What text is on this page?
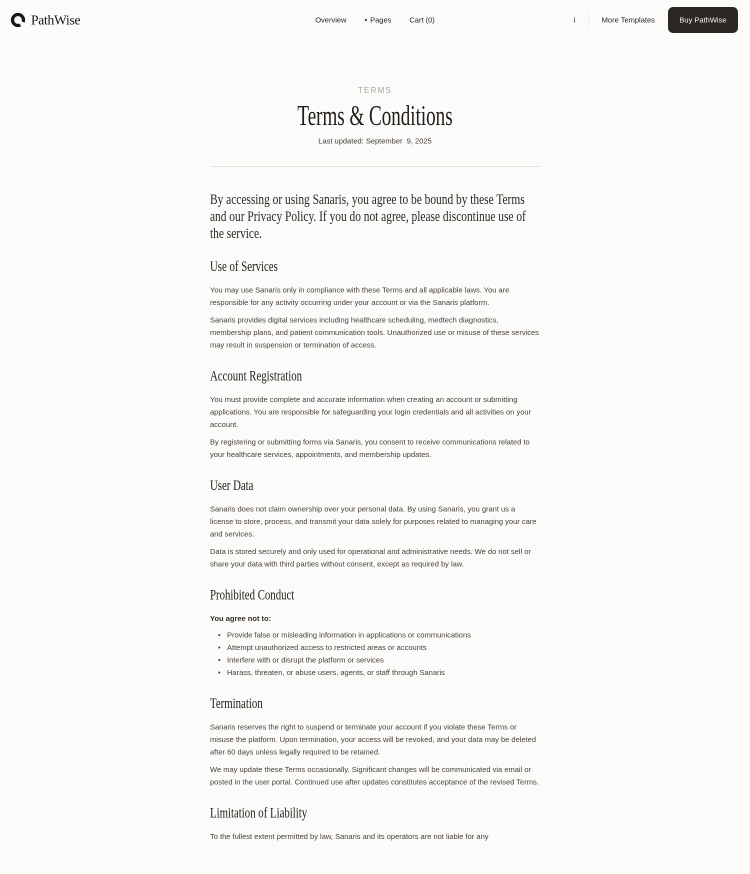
PathWise	Overview • Pages Cart (0)	i More Templates	Buy PathWise
TERMS
Terms & Conditions
Last updated: September  9, 2025

By accessing or using Sanaris, you agree to be bound by these Terms and our Privacy Policy. If you do not agree, please discontinue use of the service.

Use of Services

You may use Sanaris only in compliance with these Terms and all applicable laws. You are responsible for any activity occurring under your account or via the Sanaris platform.

Sanaris provides digital services including healthcare scheduling, medtech diagnostics, membership plans, and patient communication tools. Unauthorized use or misuse of these services may result in suspension or termination of access.

Account Registration

You must provide complete and accurate information when creating an account or submitting applications. You are responsible for safeguarding your login credentials and all activities on your account.

By registering or submitting forms via Sanaris, you consent to receive communications related to your healthcare services, appointments, and membership updates.

User Data

Sanaris does not claim ownership over your personal data. By using Sanaris, you grant us a license to store, process, and transmit your data solely for purposes related to managing your care and services.

Data is stored securely and only used for operational and administrative needs. We do not sell or share your data with third parties without consent, except as required by law.

Prohibited Conduct

You agree not to:

• Provide false or misleading information in applications or communications
• Attempt unauthorized access to restricted areas or accounts
• Interfere with or disrupt the platform or services
• Harass, threaten, or abuse users, agents, or staff through Sanaris
Termination

Sanaris reserves the right to suspend or terminate your account if you violate these Terms or misuse the platform. Upon termination, your access will be revoked, and your data may be deleted after 60 days unless legally required to be retained.

We may update these Terms occasionally. Significant changes will be communicated via email or posted in the user portal. Continued use after updates constitutes acceptance of the revised Terms.

Limitation of Liability

To the fullest extent permitted by law, Sanaris and its operators are not liable for any
